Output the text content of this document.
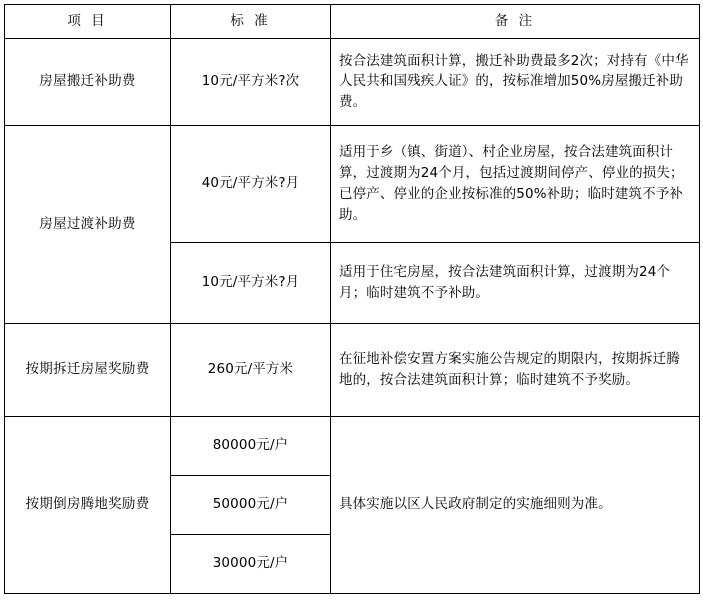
项 目	标 准	备 注
房屋搬迁补助费	10元/平方米?次	按合法建筑面积计算，搬迁补助费最多2次；对持有《中华人民共和国残疾人证》的，按标准增加50%房屋搬迁补助费。
房屋过渡补助费	40元/平方米?月	适用于乡（镇、街道）、村企业房屋，按合法建筑面积计算，过渡期为24个月，包括过渡期间停产、停业的损失；已停产、停业的企业按标准的50%补助；临时建筑不予补助。
	10元/平方米?月	适用于住宅房屋，按合法建筑面积计算，过渡期为24个月；临时建筑不予补助。
按期拆迁房屋奖励费	260元/平方米	在征地补偿安置方案实施公告规定的期限内，按期拆迁腾地的，按合法建筑面积计算；临时建筑不予奖励。
按期倒房腾地奖励费	80000元/户	具体实施以区人民政府制定的实施细则为准。
	50000元/户	
	30000元/户	
